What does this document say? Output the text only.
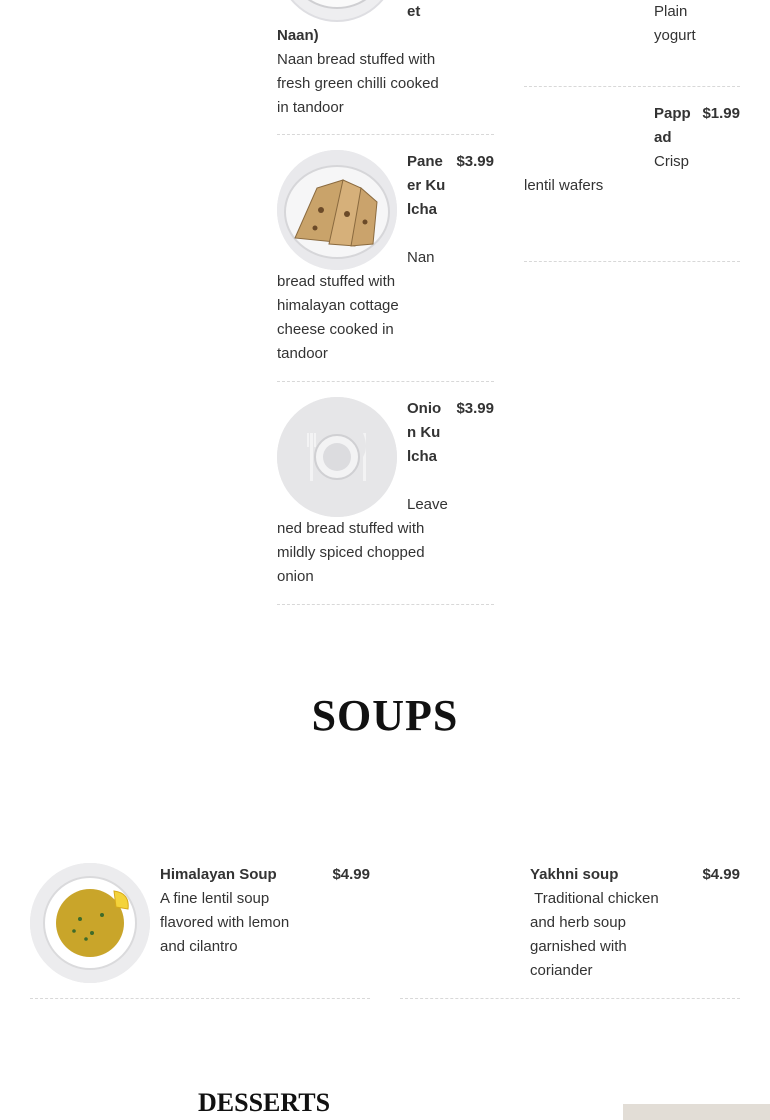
et
Naan)
Naan bread stuffed with fresh green chilli cooked in tandoor
Paneer Kulcha
$3.99
Nan
bread stuffed with himalayan cottage cheese cooked in tandoor
Onion Kulcha
$3.99
Leave
ned bread stuffed with mildly spiced chopped onion
Plain yogurt
Pappad
$1.99
Crisp lentil wafers
SOUPS
Himalayan Soup	$4.99
A fine lentil soup flavored with lemon and cilantro
Yakhni soup	$4.99
Traditional chicken and herb soup garnished with coriander
DESSERTS
